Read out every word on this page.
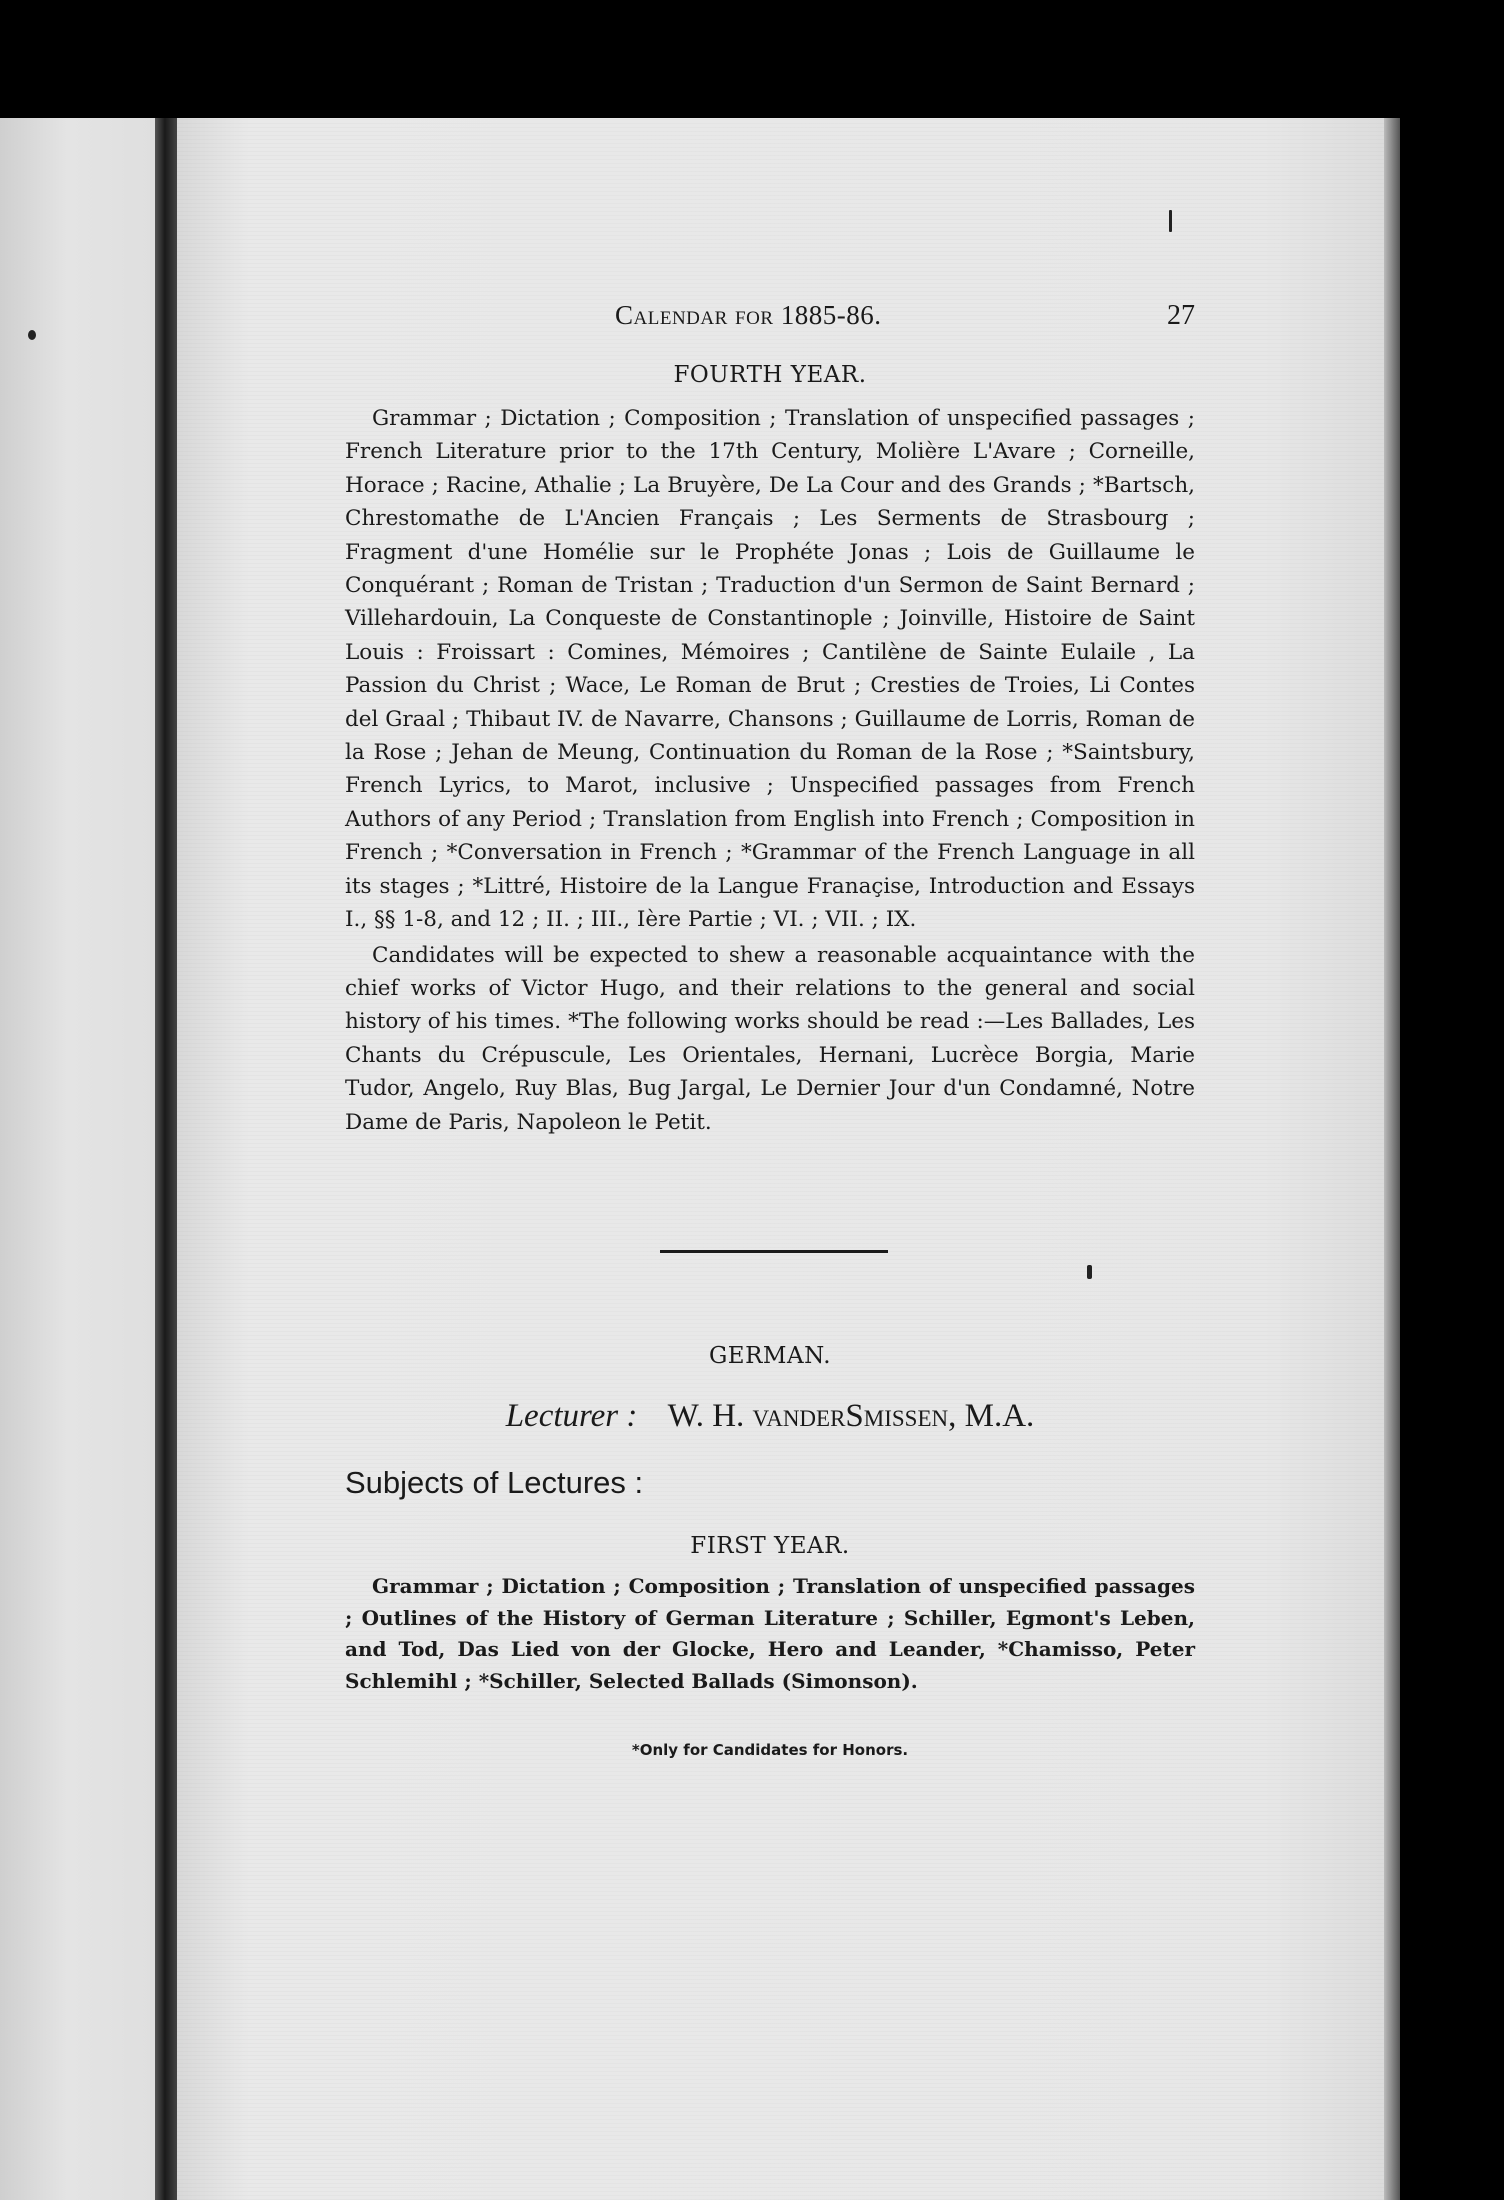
Calendar for 1885-86.	27
FOURTH YEAR.
Grammar ; Dictation ; Composition ; Translation of unspecified passages ; French Literature prior to the 17th Century, Molière L'Avare ; Corneille, Horace ; Racine, Athalie ; La Bruyère, De La Cour and des Grands ; *Bartsch, Chrestomathe de L'Ancien Français ; Les Serments de Strasbourg ; Fragment d'une Homélie sur le Prophéte Jonas ; Lois de Guillaume le Conquérant ; Roman de Tristan ; Traduction d'un Sermon de Saint Bernard ; Villehardouin, La Conqueste de Constantinople ; Joinville, Histoire de Saint Louis : Froissart : Comines, Mémoires ; Cantilène de Sainte Eulaile , La Passion du Christ ; Wace, Le Roman de Brut ; Cresties de Troies, Li Contes del Graal ; Thibaut IV. de Navarre, Chansons ; Guillaume de Lorris, Roman de la Rose ; Jehan de Meung, Continuation du Roman de la Rose ; *Saintsbury, French Lyrics, to Marot, inclusive ; Unspecified passages from French Authors of any Period ; Translation from English into French ; Composition in French ; *Conversation in French ; *Grammar of the French Language in all its stages ; *Littré, Histoire de la Langue Franaçise, Introduction and Essays I., §§ 1-8, and 12 ; II. ; III., Ière Partie ; VI. ; VII. ; IX.
Candidates will be expected to shew a reasonable acquaintance with the chief works of Victor Hugo, and their relations to the general and social history of his times. *The following works should be read :—Les Ballades, Les Chants du Crépuscule, Les Orientales, Hernani, Lucrèce Borgia, Marie Tudor, Angelo, Ruy Blas, Bug Jargal, Le Dernier Jour d'un Condamné, Notre Dame de Paris, Napoleon le Petit.
GERMAN.
Lecturer : W. H. vanderSmissen, M.A.
Subjects of Lectures :
FIRST YEAR.
Grammar ; Dictation ; Composition ; Translation of unspecified passages ; Outlines of the History of German Literature ; Schiller, Egmont's Leben, and Tod, Das Lied von der Glocke, Hero and Leander, *Chamisso, Peter Schlemihl ; *Schiller, Selected Ballads (Simonson).
*Only for Candidates for Honors.
